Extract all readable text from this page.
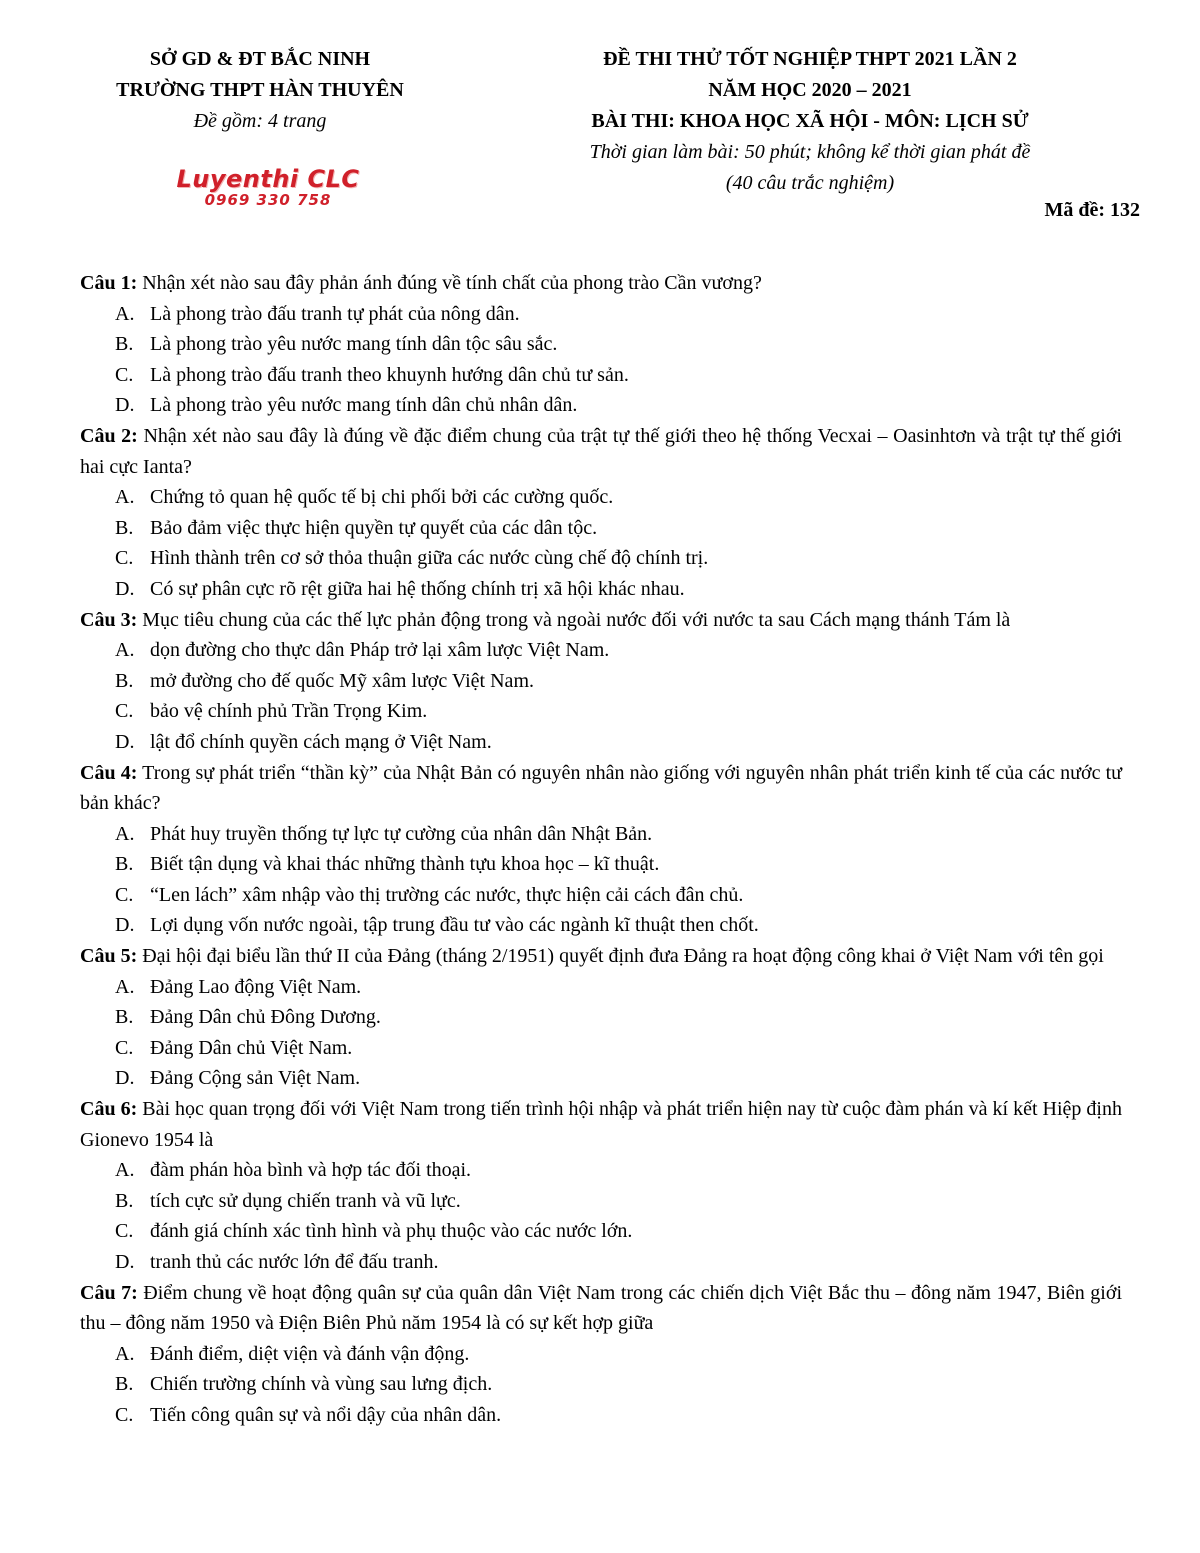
SỞ GD & ĐT BẮC NINH
TRƯỜNG THPT HÀN THUYÊN
Đề gồm: 4 trang
ĐỀ THI THỬ TỐT NGHIỆP THPT 2021 LẦN 2
NĂM HỌC 2020 – 2021
BÀI THI: KHOA HỌC XÃ HỘI - MÔN: LỊCH SỬ
Thời gian làm bài: 50 phút; không kể thời gian phát đề
(40 câu trắc nghiệm)
Luyenthi CLC
0969 330 758	Mã đề: 132
Câu 1: Nhận xét nào sau đây phản ánh đúng về tính chất của phong trào Cần vương?
A. Là phong trào đấu tranh tự phát của nông dân.
B. Là phong trào yêu nước mang tính dân tộc sâu sắc.
C. Là phong trào đấu tranh theo khuynh hướng dân chủ tư sản.
D. Là phong trào yêu nước mang tính dân chủ nhân dân.
Câu 2: Nhận xét nào sau đây là đúng về đặc điểm chung của trật tự thế giới theo hệ thống Vecxai – Oasinhtơn và trật tự thế giới hai cực Ianta?
A. Chứng tỏ quan hệ quốc tế bị chi phối bởi các cường quốc.
B. Bảo đảm việc thực hiện quyền tự quyết của các dân tộc.
C. Hình thành trên cơ sở thỏa thuận giữa các nước cùng chế độ chính trị.
D. Có sự phân cực rõ rệt giữa hai hệ thống chính trị xã hội khác nhau.
Câu 3: Mục tiêu chung của các thế lực phản động trong và ngoài nước đối với nước ta sau Cách mạng thánh Tám là
A. dọn đường cho thực dân Pháp trở lại xâm lược Việt Nam.
B. mở đường cho đế quốc Mỹ xâm lược Việt Nam.
C. bảo vệ chính phủ Trần Trọng Kim.
D. lật đổ chính quyền cách mạng ở Việt Nam.
Câu 4: Trong sự phát triển “thần kỳ” của Nhật Bản có nguyên nhân nào giống với nguyên nhân phát triển kinh tế của các nước tư bản khác?
A. Phát huy truyền thống tự lực tự cường của nhân dân Nhật Bản.
B. Biết tận dụng và khai thác những thành tựu khoa học – kĩ thuật.
C. “Len lách” xâm nhập vào thị trường các nước, thực hiện cải cách đân chủ.
D. Lợi dụng vốn nước ngoài, tập trung đầu tư vào các ngành kĩ thuật then chốt.
Câu 5: Đại hội đại biểu lần thứ II của Đảng (tháng 2/1951) quyết định đưa Đảng ra hoạt động công khai ở Việt Nam với tên gọi
A. Đảng Lao động Việt Nam.
B. Đảng Dân chủ Đông Dương.
C. Đảng Dân chủ Việt Nam.
D. Đảng Cộng sản Việt Nam.
Câu 6: Bài học quan trọng đối với Việt Nam trong tiến trình hội nhập và phát triển hiện nay từ cuộc đàm phán và kí kết Hiệp định Gionevo 1954 là
A. đàm phán hòa bình và hợp tác đối thoại.
B. tích cực sử dụng chiến tranh và vũ lực.
C. đánh giá chính xác tình hình và phụ thuộc vào các nước lớn.
D. tranh thủ các nước lớn để đấu tranh.
Câu 7: Điểm chung về hoạt động quân sự của quân dân Việt Nam trong các chiến dịch Việt Bắc thu – đông năm 1947, Biên giới thu – đông năm 1950 và Điện Biên Phủ năm 1954 là có sự kết hợp giữa
A. Đánh điểm, diệt viện và đánh vận động.
B. Chiến trường chính và vùng sau lưng địch.
C. Tiến công quân sự và nổi dậy của nhân dân.
